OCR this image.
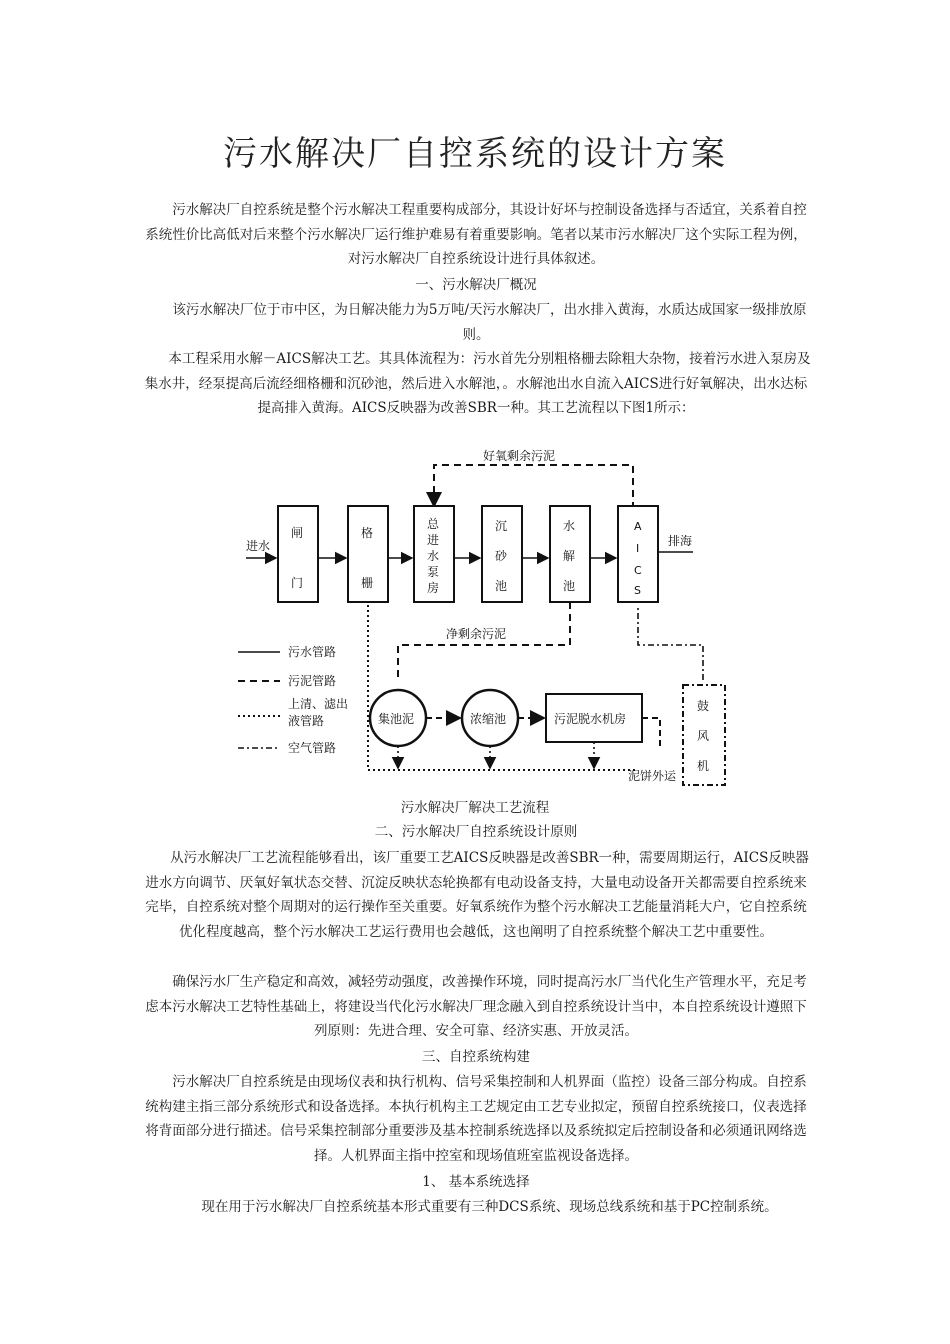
污水解决厂自控系统的设计方案
污水解决厂自控系统是整个污水解决工程重要构成部分，其设计好坏与控制设备选择与否适宜，关系着自控系统性价比高低对后来整个污水解决厂运行维护难易有着重要影响。笔者以某市污水解决厂这个实际工程为例，对污水解决厂自控系统设计进行具体叙述。
一、污水解决厂概况
该污水解决厂位于市中区，为日解决能力为5万吨/天污水解决厂，出水排入黄海，水质达成国家一级排放原则。
本工程采用水解－AICS解决工艺。其具体流程为：污水首先分别粗格栅去除粗大杂物，接着污水进入泵房及集水井，经泵提高后流经细格栅和沉砂池，然后进入水解池，。水解池出水自流入AICS进行好氧解决，出水达标提高排入黄海。AICS反映器为改善SBR一种。其工艺流程以下图1所示：
好氧剩余污泥
进水	排海
闸
门
格
栅
总
进
水
泵
房
沉
砂
池
水
解
池
A
I
C
S
净剩余污泥
污水管路
污泥管路
上清、滤出
液管路
空气管路
集池泥	浓缩池	污泥脱水机房
泥饼外运
鼓
风
机
污水解决厂解决工艺流程
二、污水解决厂自控系统设计原则
从污水解决厂工艺流程能够看出，该厂重要工艺AICS反映器是改善SBR一种，需要周期运行，AICS反映器进水方向调节、厌氧好氧状态交替、沉淀反映状态轮换都有电动设备支持，大量电动设备开关都需要自控系统来完毕，自控系统对整个周期对的运行操作至关重要。好氧系统作为整个污水解决工艺能量消耗大户，它自控系统优化程度越高，整个污水解决工艺运行费用也会越低，这也阐明了自控系统整个解决工艺中重要性。
确保污水厂生产稳定和高效，减轻劳动强度，改善操作环境，同时提高污水厂当代化生产管理水平，充足考虑本污水解决工艺特性基础上，将建设当代化污水解决厂理念融入到自控系统设计当中，本自控系统设计遵照下列原则：先进合理、安全可靠、经济实惠、开放灵活。
三、自控系统构建
污水解决厂自控系统是由现场仪表和执行机构、信号采集控制和人机界面（监控）设备三部分构成。自控系统构建主指三部分系统形式和设备选择。本执行机构主工艺规定由工艺专业拟定，预留自控系统接口，仪表选择将背面部分进行描述。信号采集控制部分重要涉及基本控制系统选择以及系统拟定后控制设备和必须通讯网络选择。人机界面主指中控室和现场值班室监视设备选择。
1、 基本系统选择
现在用于污水解决厂自控系统基本形式重要有三种DCS系统、现场总线系统和基于PC控制系统。
